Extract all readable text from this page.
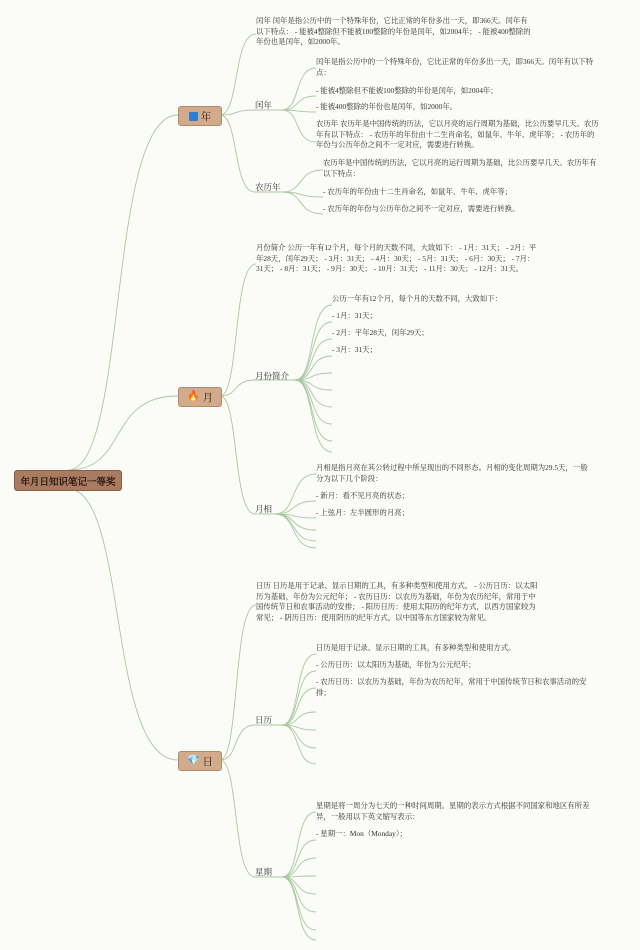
年月日知识笔记一等奖
年
🔥 月
💎 日
闰年 闰年是指公历中的一个特殊年份，它比正常的年份多出一天，即366天。闰年有以下特点： - 能被4整除但不能被100整除的年份是闰年，如2004年； - 能被400整除的年份也是闰年，如2000年。
闰年
闰年是指公历中的一个特殊年份，它比正常的年份多出一天，即366天。闰年有以下特点：
- 能被4整除但不能被100整除的年份是闰年，如2004年；
- 能被400整除的年份也是闰年，如2000年。
农历年 农历年是中国传统的历法，它以月亮的运行周期为基础，比公历要早几天。农历年有以下特点： - 农历年的年份由十二生肖命名，如鼠年、牛年、虎年等； - 农历年的年份与公历年份之间不一定对应，需要进行转换。
农历年
农历年是中国传统的历法，它以月亮的运行周期为基础，比公历要早几天。农历年有以下特点：
- 农历年的年份由十二生肖命名，如鼠年、牛年、虎年等；
- 农历年的年份与公历年份之间不一定对应，需要进行转换。
月份简介 公历一年有12个月，每个月的天数不同，大致如下： - 1月：31天； - 2月：平年28天，闰年29天； - 3月：31天； - 4月：30天； - 5月：31天； - 6月：30天； - 7月：31天； - 8月：31天； - 9月：30天； - 10月：31天； - 11月：30天； - 12月：31天。
月份简介
公历一年有12个月，每个月的天数不同，大致如下：
- 1月：31天；
- 2月：平年28天，闰年29天；
- 3月：31天；
月相
月相是指月亮在其公转过程中所呈现出的不同形态。月相的变化周期为29.5天，一般分为以下几个阶段：
- 新月：看不见月亮的状态；
- 上弦月：左半圆形的月亮；
日历 日历是用于记录、显示日期的工具，有多种类型和使用方式。 - 公历日历：以太阳历为基础，年份为公元纪年； - 农历日历：以农历为基础，年份为农历纪年，常用于中国传统节日和农事活动的安排； - 阳历日历：使用太阳历的纪年方式，以西方国家较为常见； - 阴历日历：使用阴历的纪年方式，以中国等东方国家较为常见。
日历
日历是用于记录、显示日期的工具，有多种类型和使用方式。
- 公历日历：以太阳历为基础，年份为公元纪年；
- 农历日历：以农历为基础，年份为农历纪年，常用于中国传统节日和农事活动的安排；
星期
星期是将一周分为七天的一种时间周期。星期的表示方式根据不同国家和地区有所差异，一般用以下英文缩写表示：
- 星期一：Mon（Monday）；
